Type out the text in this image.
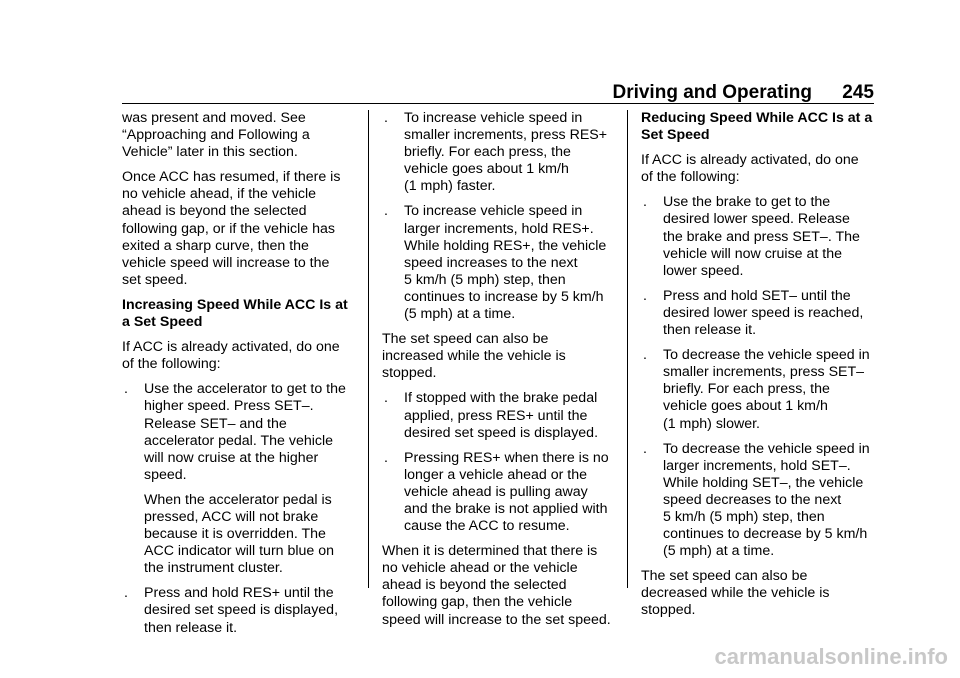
Driving and Operating 245

was present and moved. See
“Approaching and Following a
Vehicle” later in this section.

Once ACC has resumed, if there is
no vehicle ahead, if the vehicle
ahead is beyond the selected
following gap, or if the vehicle has
exited a sharp curve, then the
vehicle speed will increase to the
set speed.

Increasing Speed While ACC Is at
a Set Speed

If ACC is already activated, do one
of the following:

. Use the accelerator to get to the
higher speed. Press SET–.
Release SET– and the
accelerator pedal. The vehicle
will now cruise at the higher
speed.
When the accelerator pedal is
pressed, ACC will not brake
because it is overridden. The
ACC indicator will turn blue on
the instrument cluster.
. Press and hold RES+ until the
desired set speed is displayed,
then release it.
. To increase vehicle speed in
smaller increments, press RES+
briefly. For each press, the
vehicle goes about 1 km/h
(1 mph) faster.
. To increase vehicle speed in
larger increments, hold RES+.
While holding RES+, the vehicle
speed increases to the next
5 km/h (5 mph) step, then
continues to increase by 5 km/h
(5 mph) at a time.

The set speed can also be
increased while the vehicle is
stopped.

. If stopped with the brake pedal
applied, press RES+ until the
desired set speed is displayed.
. Pressing RES+ when there is no
longer a vehicle ahead or the
vehicle ahead is pulling away
and the brake is not applied with
cause the ACC to resume.

When it is determined that there is
no vehicle ahead or the vehicle
ahead is beyond the selected
following gap, then the vehicle
speed will increase to the set speed.

Reducing Speed While ACC Is at a
Set Speed

If ACC is already activated, do one
of the following:

. Use the brake to get to the
desired lower speed. Release
the brake and press SET–. The
vehicle will now cruise at the
lower speed.
. Press and hold SET– until the
desired lower speed is reached,
then release it.
. To decrease the vehicle speed in
smaller increments, press SET–
briefly. For each press, the
vehicle goes about 1 km/h
(1 mph) slower.
. To decrease the vehicle speed in
larger increments, hold SET–.
While holding SET–, the vehicle
speed decreases to the next
5 km/h (5 mph) step, then
continues to decrease by 5 km/h
(5 mph) at a time.

The set speed can also be
decreased while the vehicle is
stopped.

carmanualsonline.info
